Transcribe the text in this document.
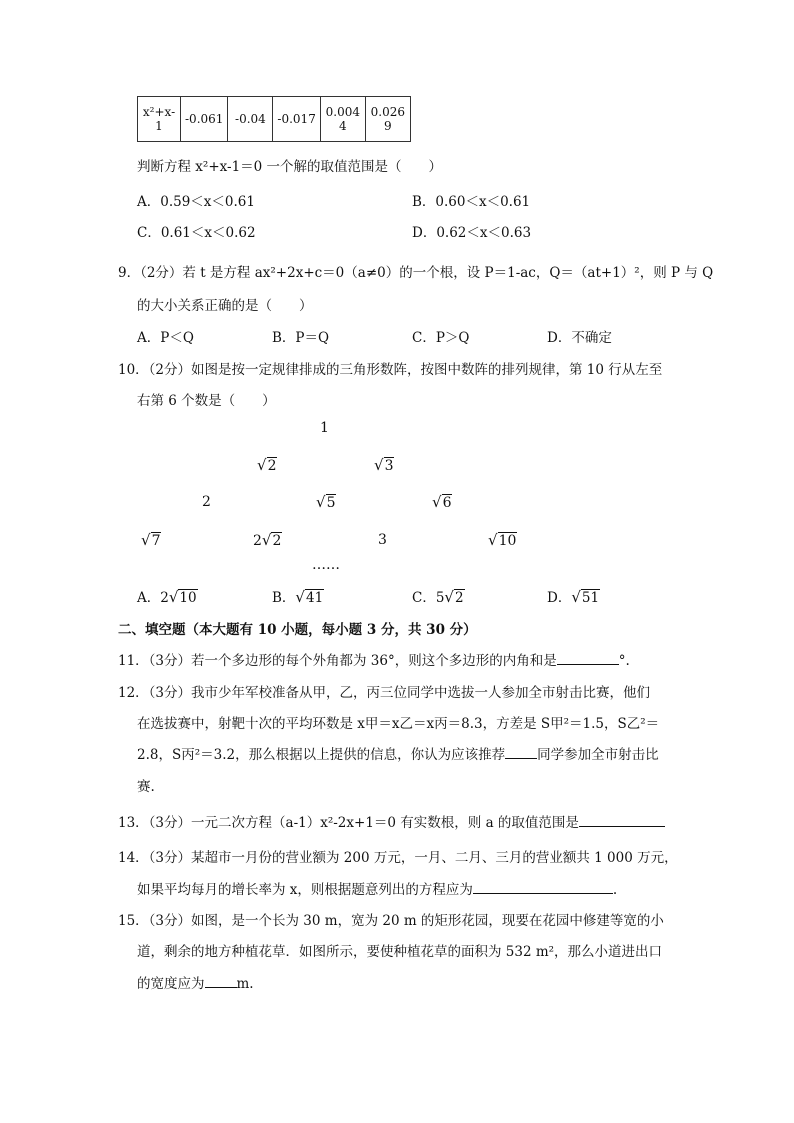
x²+x-1	-0.061	-0.04	-0.017	0.004 4	0.026 9
判断方程 x²+x-1＝0 一个解的取值范围是（　　）
A．0.59＜x＜0.61	B．0.60＜x＜0.61
C．0.61＜x＜0.62	D．0.62＜x＜0.63
9．（2分）若 t 是方程 ax²+2x+c＝0（a≠0）的一个根，设 P＝1-ac，Q＝（at+1）²，则 P 与 Q
的大小关系正确的是（　　）
A．P＜Q	B．P＝Q	C．P＞Q	D．不确定
10．（2分）如图是按一定规律排成的三角形数阵，按图中数阵的排列规律，第 10 行从左至
右第 6 个数是（　　）
1
√2	√3
2	√5	√6
√7	2√2	3	√10
……
A．2√10	B．√41	C．5√2	D．√51
二、填空题（本大题有 10 小题，每小题 3 分，共 30 分）
11．（3分）若一个多边形的每个外角都为 36°，则这个多边形的内角和是	°.
12．（3分）我市少年军校准备从甲，乙，丙三位同学中选拔一人参加全市射击比赛，他们
在选拔赛中，射靶十次的平均环数是 x甲＝x乙＝x丙＝8.3，方差是 S甲²＝1.5，S乙²＝
2.8，S丙²＝3.2，那么根据以上提供的信息，你认为应该推荐 同学参加全市射击比
赛.
13．（3分）一元二次方程（a-1）x²-2x+1＝0 有实数根，则 a 的取值范围是
14．（3分）某超市一月份的营业额为 200 万元，一月、二月、三月的营业额共 1 000 万元，
如果平均每月的增长率为 x，则根据题意列出的方程应为	.
15．（3分）如图，是一个长为 30 m，宽为 20 m 的矩形花园，现要在花园中修建等宽的小
道，剩余的地方种植花草．如图所示，要使种植花草的面积为 532 m²，那么小道进出口
的宽度应为 m.
